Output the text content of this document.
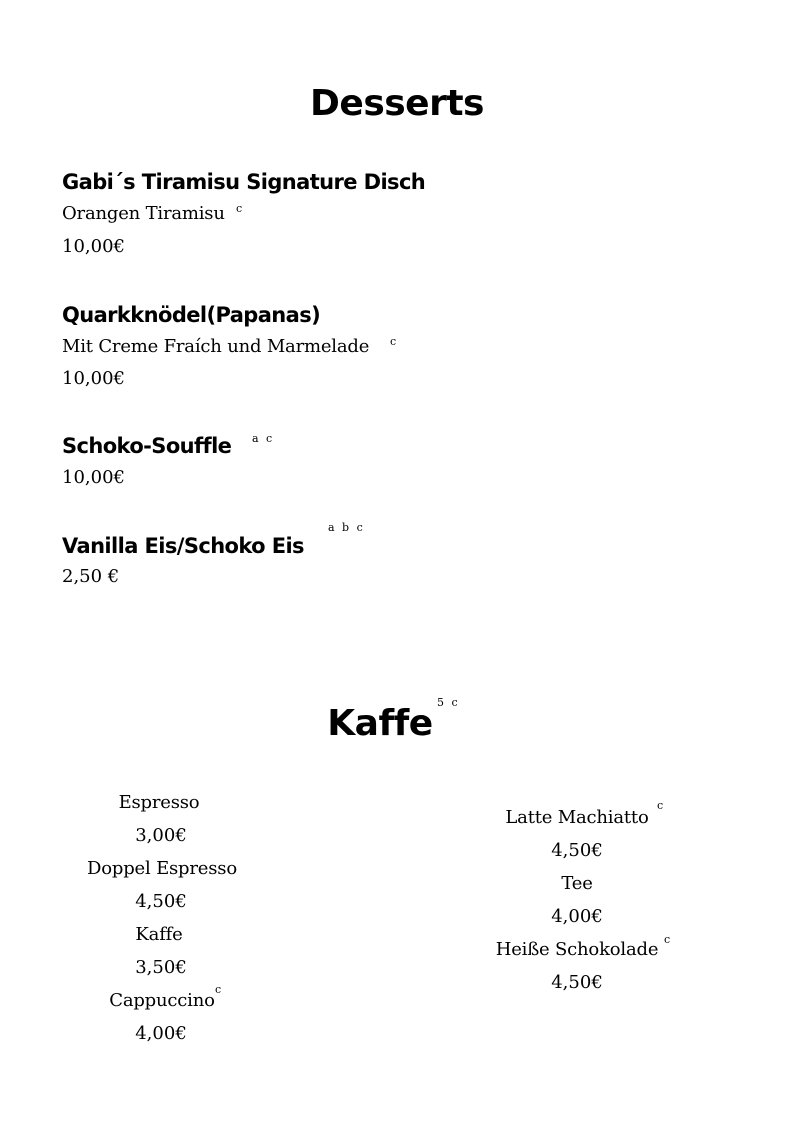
Desserts
Gabi´s Tiramisu Signature Disch
Orangen Tiramisu c
10,00€
Quarkknödel(Papanas)
Mit Creme Fraích und Marmelade c
10,00€
Schoko-Souffle a c
10,00€
Vanilla Eis/Schoko Eis
a b c
2,50 €
Kaffe
5 c
Espresso
3,00€
Doppel Espresso
4,50€
Kaffe
3,50€
Cappuccino
c
4,00€
Latte Machiatto
c
4,50€
Tee
4,00€
Heiße Schokolade c
4,50€
